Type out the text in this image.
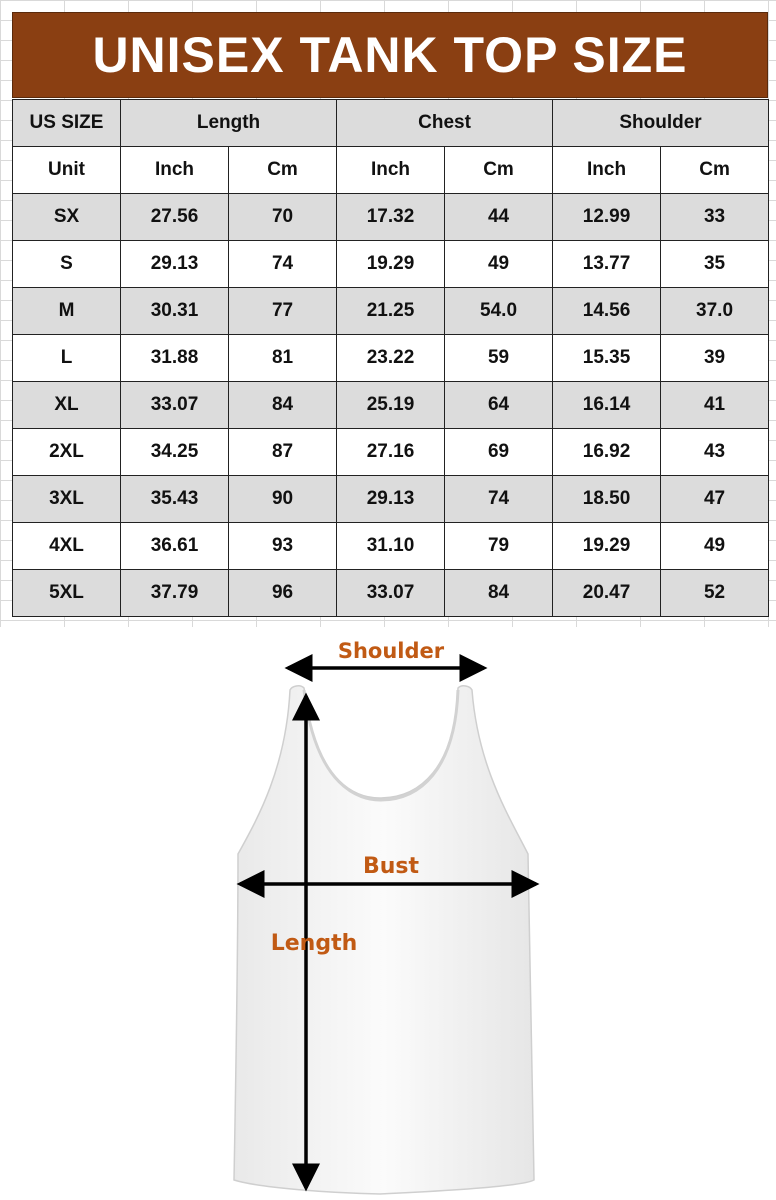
UNISEX TANK TOP SIZE
US SIZE	Length		Chest		Shoulder	
Unit	Inch	Cm	Inch	Cm	Inch	Cm
SX	27.56	70	17.32	44	12.99	33
S	29.13	74	19.29	49	13.77	35
M	30.31	77	21.25	54.0	14.56	37.0
L	31.88	81	23.22	59	15.35	39
XL	33.07	84	25.19	64	16.14	41
2XL	34.25	87	27.16	69	16.92	43
3XL	35.43	90	29.13	74	18.50	47
4XL	36.61	93	31.10	79	19.29	49
5XL	37.79	96	33.07	84	20.47	52
Shoulder
Bust
Length
